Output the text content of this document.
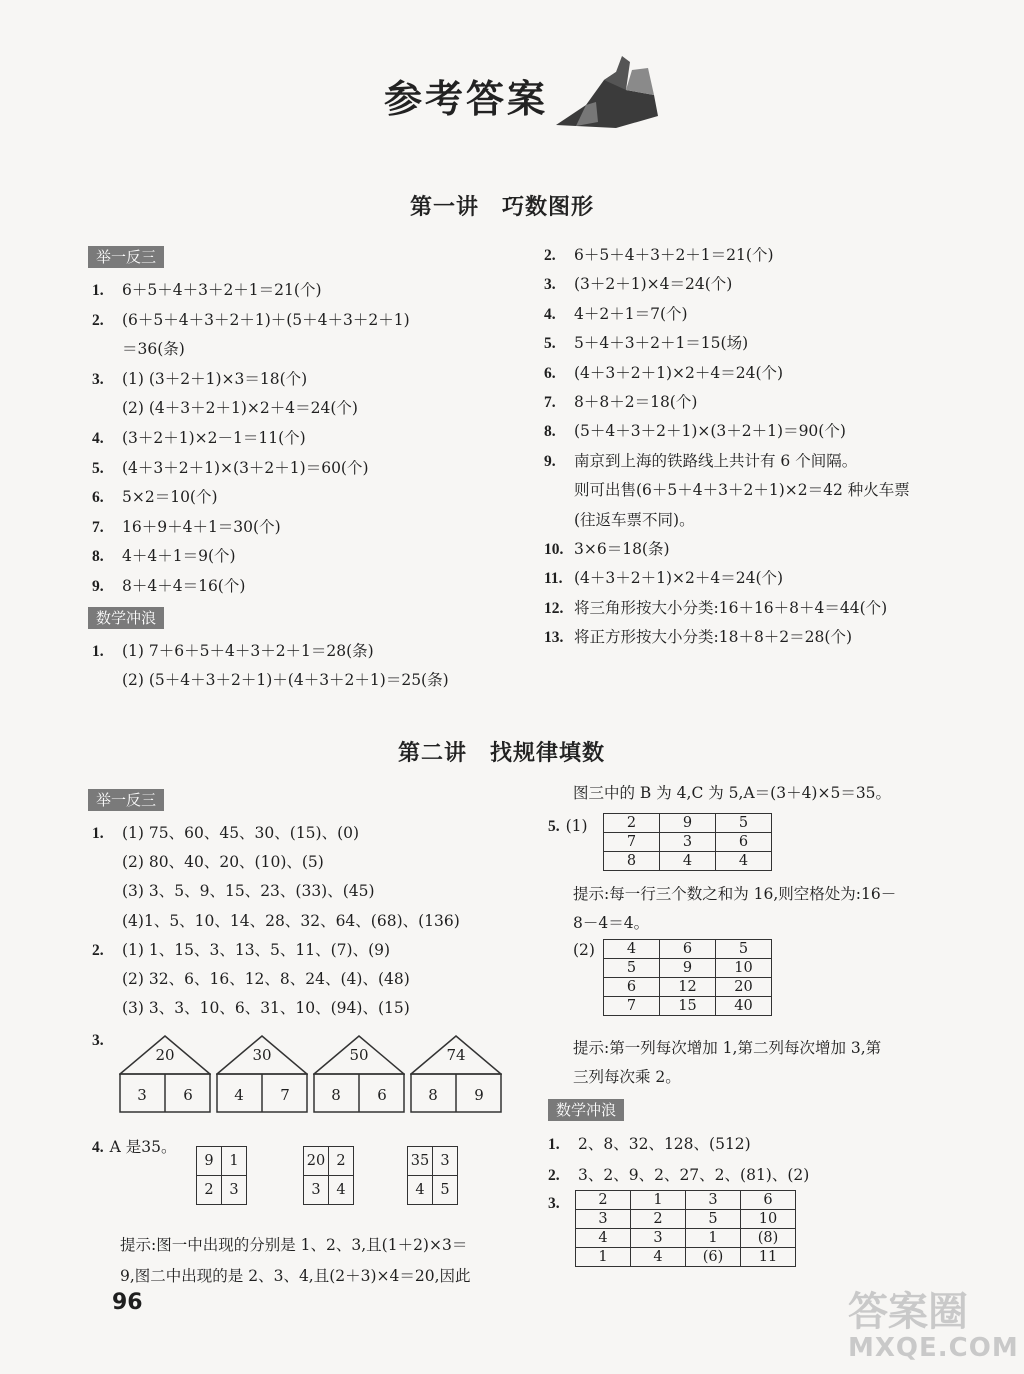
参考答案
第一讲　巧数图形
举一反三
1. 6＋5＋4＋3＋2＋1＝21(个)
2. (6＋5＋4＋3＋2＋1)＋(5＋4＋3＋2＋1)
＝36(条)
3. (1) (3＋2＋1)×3＝18(个)
(2) (4＋3＋2＋1)×2＋4＝24(个)
4. (3＋2＋1)×2－1＝11(个)
5. (4＋3＋2＋1)×(3＋2＋1)＝60(个)
6. 5×2＝10(个)
7. 16＋9＋4＋1＝30(个)
8. 4＋4＋1＝9(个)
9. 8＋4＋4＝16(个)
数学冲浪
1. (1) 7＋6＋5＋4＋3＋2＋1＝28(条)
(2) (5＋4＋3＋2＋1)＋(4＋3＋2＋1)＝25(条)
2. 6＋5＋4＋3＋2＋1＝21(个)
3. (3＋2＋1)×4＝24(个)
4. 4＋2＋1＝7(个)
5. 5＋4＋3＋2＋1＝15(场)
6. (4＋3＋2＋1)×2＋4＝24(个)
7. 8＋8＋2＝18(个)
8. (5＋4＋3＋2＋1)×(3＋2＋1)＝90(个)
9. 南京到上海的铁路线上共计有 6 个间隔。
则可出售(6＋5＋4＋3＋2＋1)×2＝42 种火车票
(往返车票不同)。
10. 3×6＝18(条)
11. (4＋3＋2＋1)×2＋4＝24(个)
12. 将三角形按大小分类:16＋16＋8＋4＝44(个)
13. 将正方形按大小分类:18＋8＋2＝28(个)
第二讲　找规律填数
举一反三
1. (1) 75、60、45、30、(15)、(0)
(2) 80、40、20、(10)、(5)
(3) 3、5、9、15、23、(33)、(45)
(4)1、5、10、14、28、32、64、(68)、(136)
2. (1) 1、15、3、13、5、11、(7)、(9)
(2) 32、6、16、12、8、24、(4)、(48)
(3) 3、3、10、6、31、10、(94)、(15)
3.
20
3	6
30
4	7
50
8	6
74
8	9
4. A 是35。
9	1
2	3
20	2
3	4
35	3
4	5
提示:图一中出现的分别是 1、2、3,且(1＋2)×3＝
9,图二中出现的是 2、3、4,且(2＋3)×4＝20,因此
图三中的 B 为 4,C 为 5,A＝(3＋4)×5＝35。
5. (1)	2	9	5
7	3	6
8	4	4
提示:每一行三个数之和为 16,则空格处为:16－
8－4＝4。
(2) 4	6	5
5	9	10
6	12	20
7	15	40
提示:第一列每次增加 1,第二列每次增加 3,第
三列每次乘 2。
数学冲浪
1. 2、8、32、128、(512)
2. 3、2、9、2、27、2、(81)、(2)
3.	2	1	3	6
3	2	5	10
4	3	1	(8)
1	4	(6)	11
96	答案圈
MXQE.COM
